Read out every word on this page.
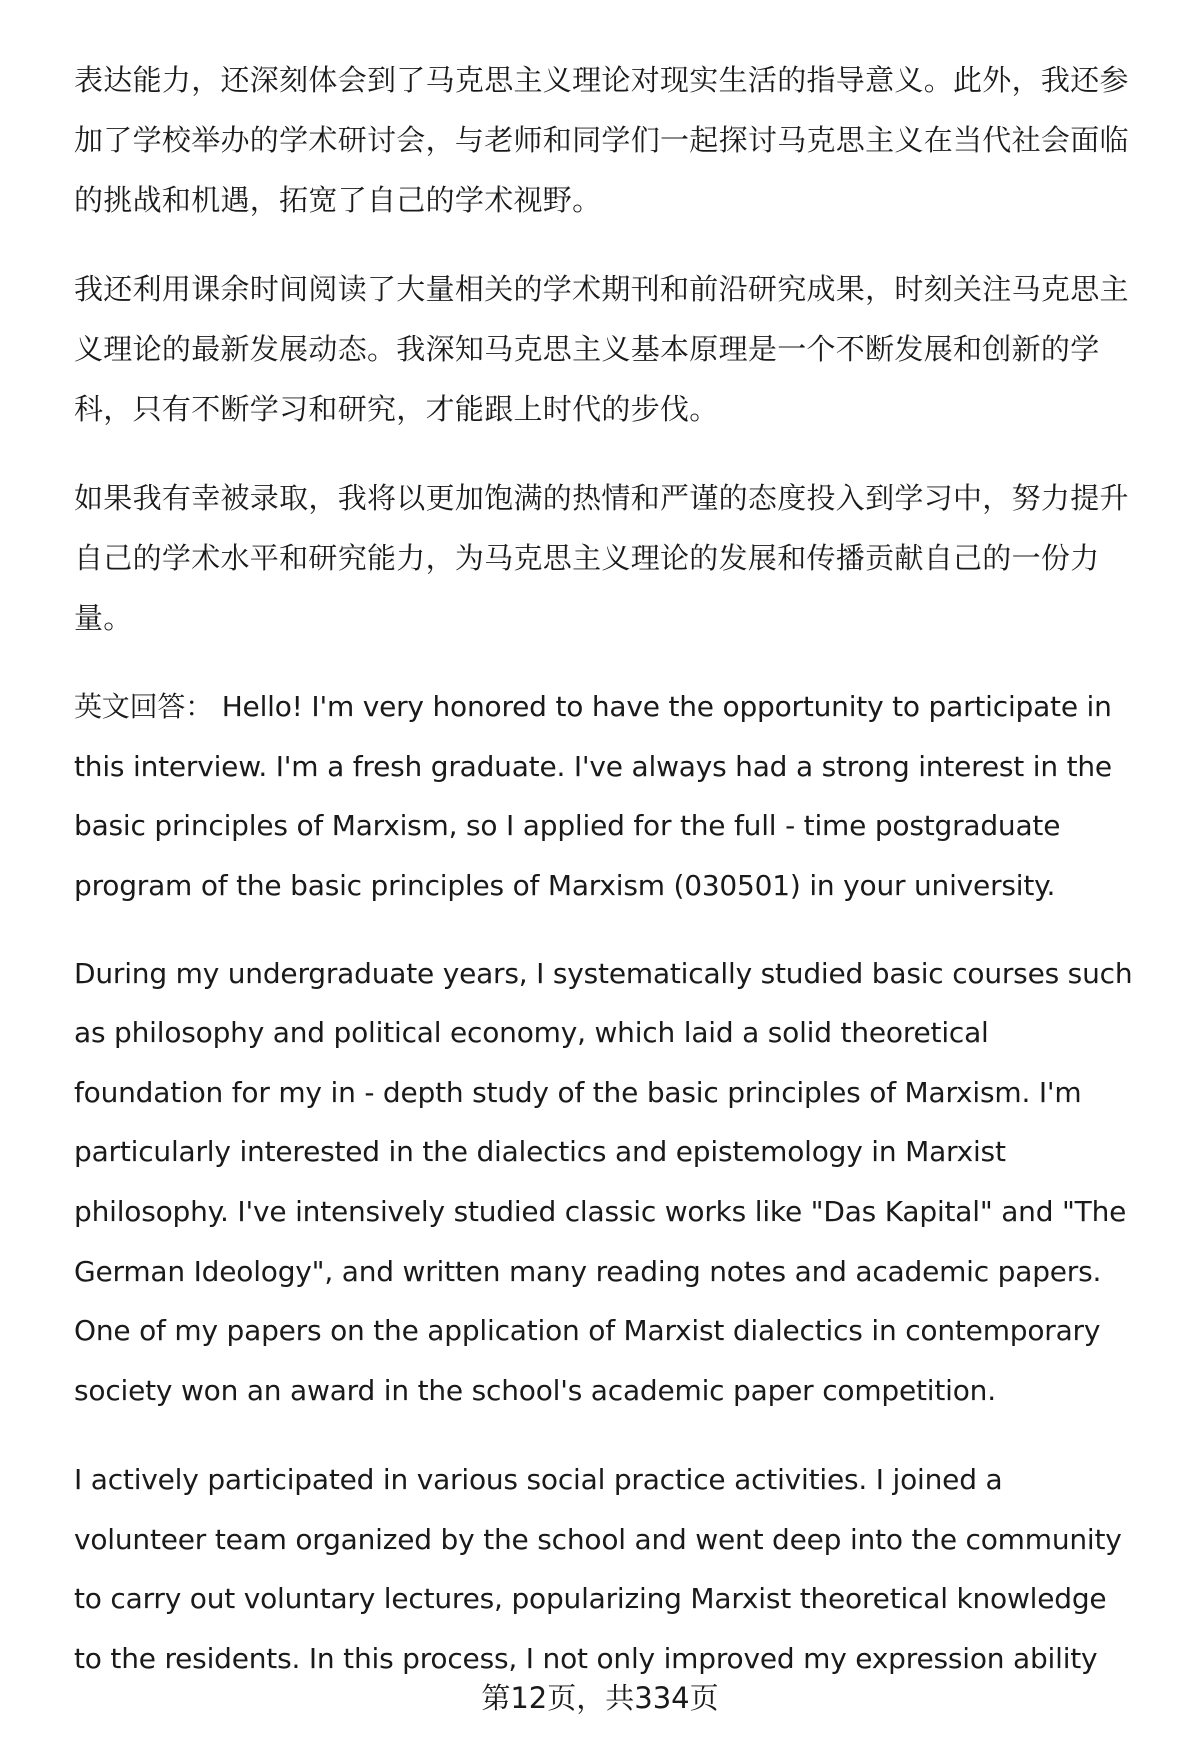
表达能力，还深刻体会到了马克思主义理论对现实生活的指导意义。此外，我还参
加了学校举办的学术研讨会，与老师和同学们一起探讨马克思主义在当代社会面临
的挑战和机遇，拓宽了自己的学术视野。
我还利用课余时间阅读了大量相关的学术期刊和前沿研究成果，时刻关注马克思主
义理论的最新发展动态。我深知马克思主义基本原理是一个不断发展和创新的学
科，只有不断学习和研究，才能跟上时代的步伐。
如果我有幸被录取，我将以更加饱满的热情和严谨的态度投入到学习中，努力提升
自己的学术水平和研究能力，为马克思主义理论的发展和传播贡献自己的一份力
量。
英文回答： Hello! I'm very honored to have the opportunity to participate in
this interview. I'm a fresh graduate. I've always had a strong interest in the
basic principles of Marxism, so I applied for the full - time postgraduate
program of the basic principles of Marxism (030501) in your university.
During my undergraduate years, I systematically studied basic courses such
as philosophy and political economy, which laid a solid theoretical
foundation for my in - depth study of the basic principles of Marxism. I'm
particularly interested in the dialectics and epistemology in Marxist
philosophy. I've intensively studied classic works like "Das Kapital" and "The
German Ideology", and written many reading notes and academic papers.
One of my papers on the application of Marxist dialectics in contemporary
society won an award in the school's academic paper competition.
I actively participated in various social practice activities. I joined a
volunteer team organized by the school and went deep into the community
to carry out voluntary lectures, popularizing Marxist theoretical knowledge
to the residents. In this process, I not only improved my expression ability
第12页，共334页
